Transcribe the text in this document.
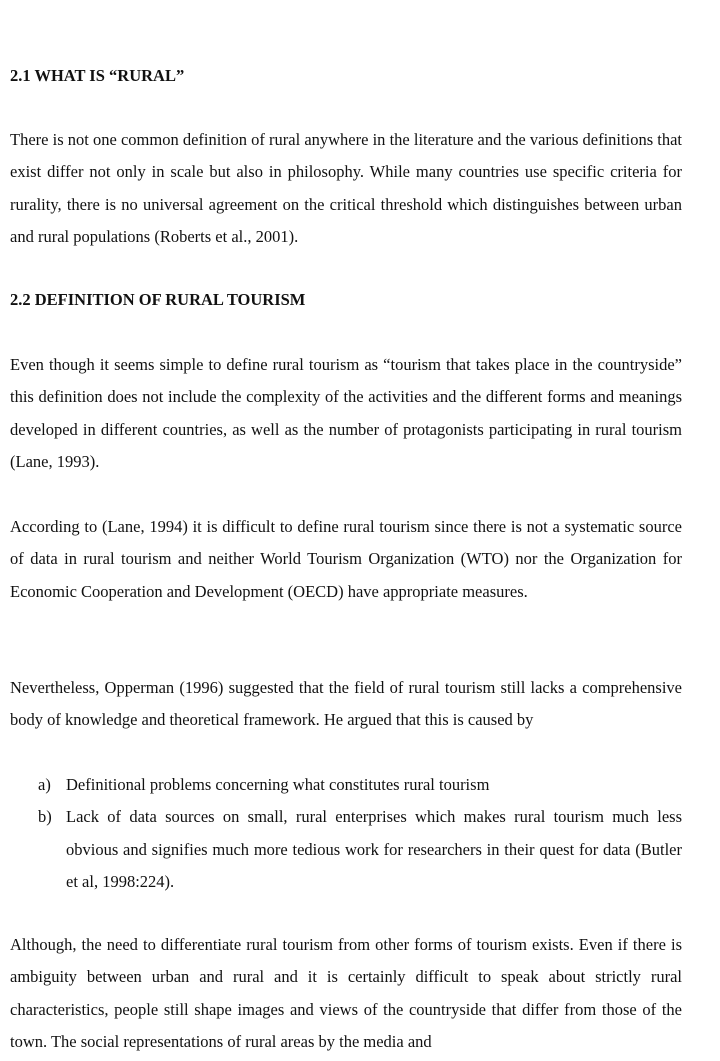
2.1 WHAT IS “RURAL”

There is not one common definition of rural anywhere in the literature and the various definitions that exist differ not only in scale but also in philosophy. While many countries use specific criteria for rurality, there is no universal agreement on the critical threshold which distinguishes between urban and rural populations (Roberts et al., 2001).

2.2 DEFINITION OF RURAL TOURISM

Even though it seems simple to define rural tourism as “tourism that takes place in the countryside” this definition does not include the complexity of the activities and the different forms and meanings developed in different countries, as well as the number of protagonists participating in rural tourism (Lane, 1993).

According to (Lane, 1994) it is difficult to define rural tourism since there is not a systematic source of data in rural tourism and neither World Tourism Organization (WTO) nor the Organization for Economic Cooperation and Development (OECD) have appropriate measures.

Nevertheless, Opperman (1996) suggested that the field of rural tourism still lacks a comprehensive body of knowledge and theoretical framework. He argued that this is caused by

a) Definitional problems concerning what constitutes rural tourism
b) Lack of data sources on small, rural enterprises which makes rural tourism much less obvious and signifies much more tedious work for researchers in their quest for data (Butler et al, 1998:224).

Although, the need to differentiate rural tourism from other forms of tourism exists. Even if there is ambiguity between urban and rural and it is certainly difficult to speak about strictly rural characteristics, people still shape images and views of the countryside that differ from those of the town. The social representations of rural areas by the media and
